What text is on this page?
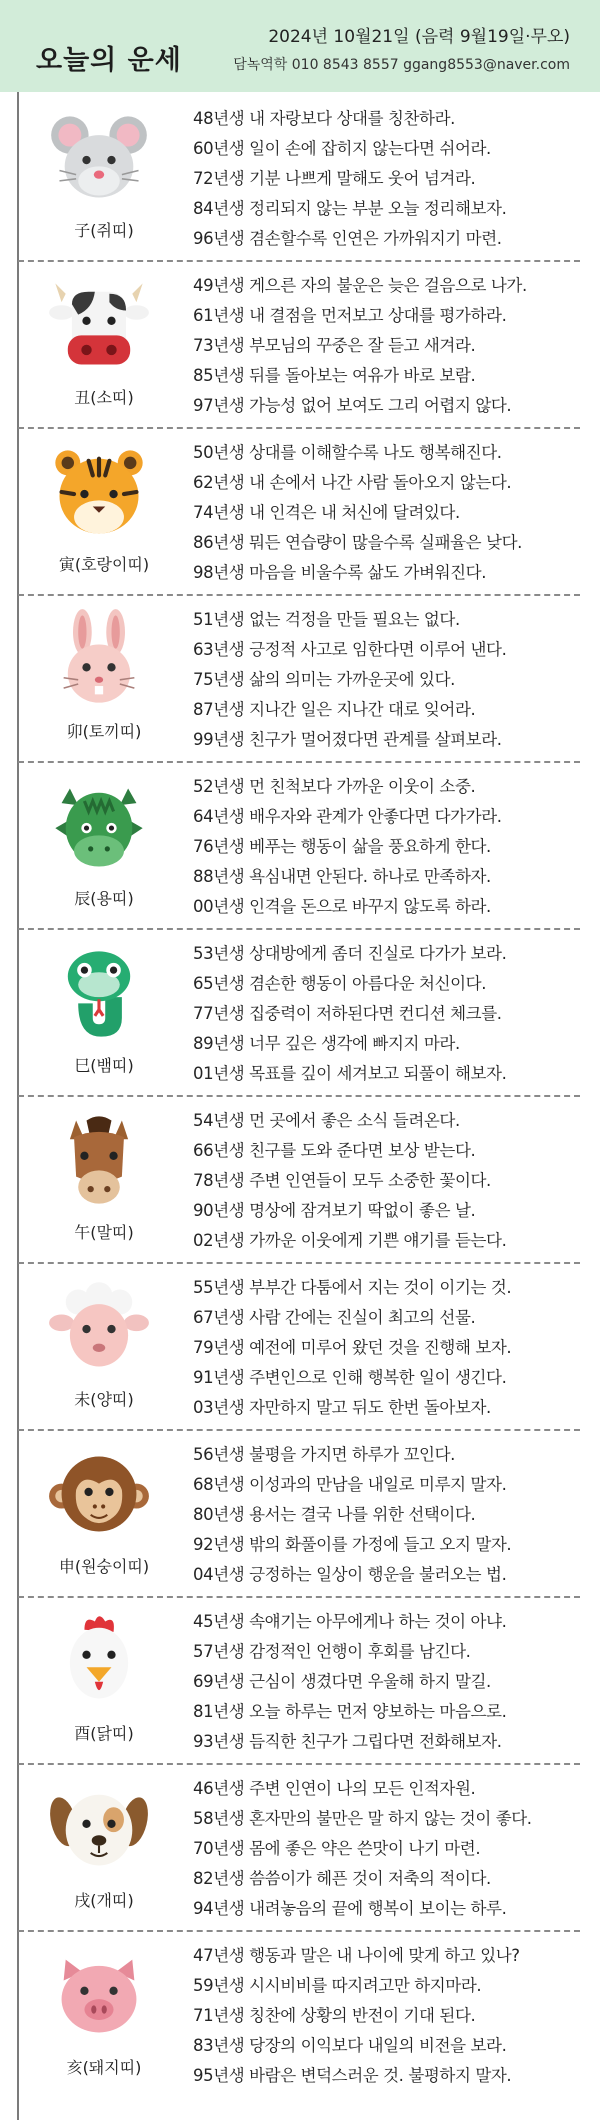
오늘의 운세
2024년 10월21일 (음력 9월19일·무오)
담녹역학 010 8543 8557 ggang8553@naver.com
子(쥐띠)
48년생 내 자랑보다 상대를 칭찬하라.
60년생 일이 손에 잡히지 않는다면 쉬어라.
72년생 기분 나쁘게 말해도 웃어 넘겨라.
84년생 정리되지 않는 부분 오늘 정리해보자.
96년생 겸손할수록 인연은 가까워지기 마련.
丑(소띠)
49년생 게으른 자의 불운은 늦은 걸음으로 나가.
61년생 내 결점을 먼저보고 상대를 평가하라.
73년생 부모님의 꾸중은 잘 듣고 새겨라.
85년생 뒤를 돌아보는 여유가 바로 보람.
97년생 가능성 없어 보여도 그리 어렵지 않다.
寅(호랑이띠)
50년생 상대를 이해할수록 나도 행복해진다.
62년생 내 손에서 나간 사람 돌아오지 않는다.
74년생 내 인격은 내 처신에 달려있다.
86년생 뭐든 연습량이 많을수록 실패율은 낮다.
98년생 마음을 비울수록 삶도 가벼워진다.
卯(토끼띠)
51년생 없는 걱정을 만들 필요는 없다.
63년생 긍정적 사고로 임한다면 이루어 낸다.
75년생 삶의 의미는 가까운곳에 있다.
87년생 지나간 일은 지나간 대로 잊어라.
99년생 친구가 멀어졌다면 관계를 살펴보라.
辰(용띠)
52년생 먼 친척보다 가까운 이웃이 소중.
64년생 배우자와 관계가 안좋다면 다가가라.
76년생 베푸는 행동이 삶을 풍요하게 한다.
88년생 욕심내면 안된다. 하나로 만족하자.
00년생 인격을 돈으로 바꾸지 않도록 하라.
巳(뱀띠)
53년생 상대방에게 좀더 진실로 다가가 보라.
65년생 겸손한 행동이 아름다운 처신이다.
77년생 집중력이 저하된다면 컨디션 체크를.
89년생 너무 깊은 생각에 빠지지 마라.
01년생 목표를 깊이 세겨보고 되풀이 해보자.
午(말띠)
54년생 먼 곳에서 좋은 소식 들려온다.
66년생 친구를 도와 준다면 보상 받는다.
78년생 주변 인연들이 모두 소중한 꽃이다.
90년생 명상에 잠겨보기 딱없이 좋은 날.
02년생 가까운 이웃에게 기쁜 얘기를 듣는다.
未(양띠)
55년생 부부간 다툼에서 지는 것이 이기는 것.
67년생 사람 간에는 진실이 최고의 선물.
79년생 예전에 미루어 왔던 것을 진행해 보자.
91년생 주변인으로 인해 행복한 일이 생긴다.
03년생 자만하지 말고 뒤도 한번 돌아보자.
申(원숭이띠)
56년생 불평을 가지면 하루가 꼬인다.
68년생 이성과의 만남을 내일로 미루지 말자.
80년생 용서는 결국 나를 위한 선택이다.
92년생 밖의 화풀이를 가정에 들고 오지 말자.
04년생 긍정하는 일상이 행운을 불러오는 법.
酉(닭띠)
45년생 속얘기는 아무에게나 하는 것이 아냐.
57년생 감정적인 언행이 후회를 남긴다.
69년생 근심이 생겼다면 우울해 하지 말길.
81년생 오늘 하루는 먼저 양보하는 마음으로.
93년생 듬직한 친구가 그립다면 전화해보자.
戌(개띠)
46년생 주변 인연이 나의 모든 인적자원.
58년생 혼자만의 불만은 말 하지 않는 것이 좋다.
70년생 몸에 좋은 약은 쓴맛이 나기 마련.
82년생 씀씀이가 헤픈 것이 저축의 적이다.
94년생 내려놓음의 끝에 행복이 보이는 하루.
亥(돼지띠)
47년생 행동과 말은 내 나이에 맞게 하고 있나?
59년생 시시비비를 따지려고만 하지마라.
71년생 칭찬에 상황의 반전이 기대 된다.
83년생 당장의 이익보다 내일의 비전을 보라.
95년생 바람은 변덕스러운 것. 불평하지 말자.
